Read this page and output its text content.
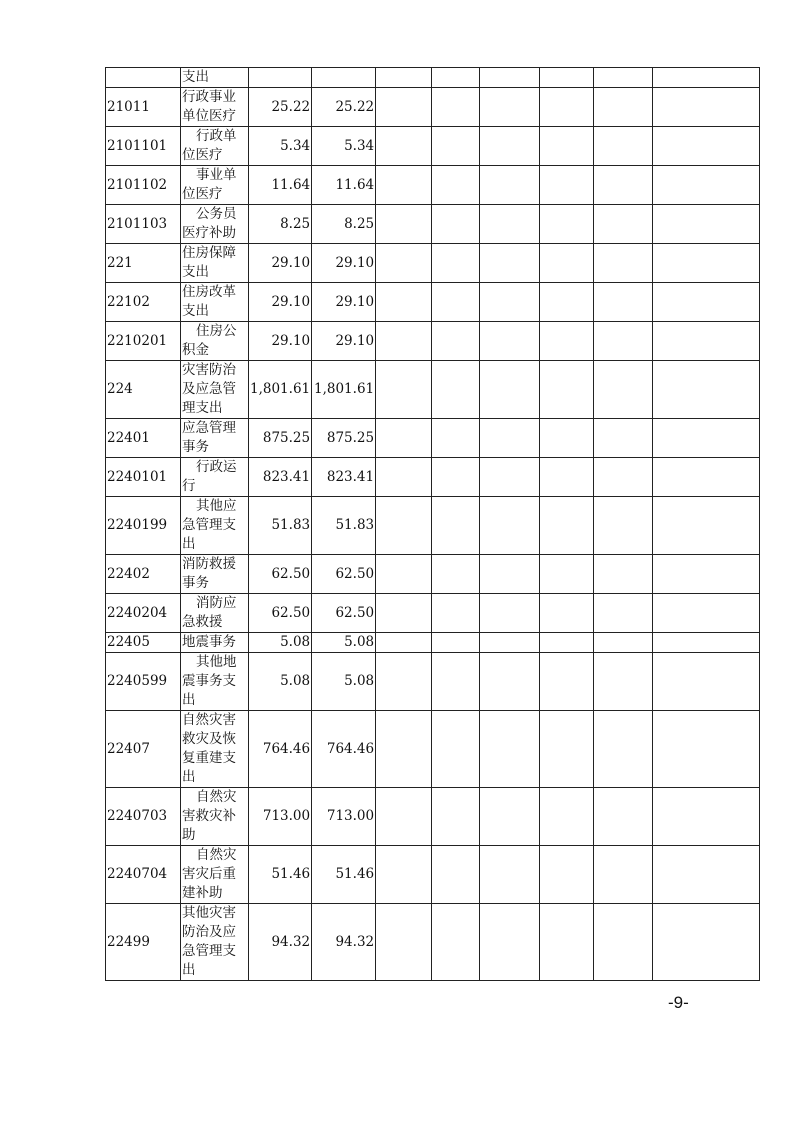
	支出								
21011	行政事业单位医疗	25.22	25.22						
2101101	行政单位医疗	5.34	5.34						
2101102	事业单位医疗	11.64	11.64						
2101103	公务员医疗补助	8.25	8.25						
221	住房保障支出	29.10	29.10						
22102	住房改革支出	29.10	29.10						
2210201	住房公积金	29.10	29.10						
224	灾害防治及应急管理支出	1,801.61	1,801.61						
22401	应急管理事务	875.25	875.25						
2240101	行政运行	823.41	823.41						
2240199	其他应急管理支出	51.83	51.83						
22402	消防救援事务	62.50	62.50						
2240204	消防应急救援	62.50	62.50						
22405	地震事务	5.08	5.08						
2240599	其他地震事务支出	5.08	5.08						
22407	自然灾害救灾及恢复重建支出	764.46	764.46						
2240703	自然灾害救灾补助	713.00	713.00						
2240704	自然灾害灾后重建补助	51.46	51.46						
22499	其他灾害防治及应急管理支出	94.32	94.32						
-9-
